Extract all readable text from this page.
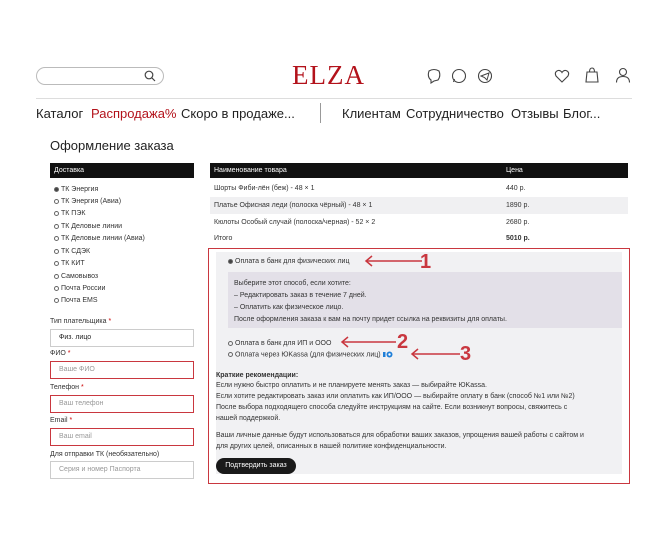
ELZA
Каталог Распродажа% Скоро в продаже...	Клиентам Сотрудничество Отзывы Блог...
Оформление заказа
Доставка
ТК Энергия
ТК Энергия (Авиа)
ТК ПЭК
ТК Деловые линии
ТК Деловые линии (Авиа)
ТК СДЭК
ТК КИТ
Самовывоз
Почта России
Почта EMS
Тип плательщика *
Физ. лицо
ФИО *
Ваше ФИО
Телефон *
Ваш телефон
Email *
Ваш email
Для отправки ТК (необязательно)
Серия и номер Паспорта
Наименование товара	Цена
Шорты Фиби-лён (беж) - 48 × 1	440 р.
Платье Офисная леди (полоска чёрный) - 48 × 1	1890 р.
Кюлоты Особый случай (полоска/черная) - 52 × 2	2680 р.
Итого	5010 р.
Оплата в банк для физических лиц
Выберите этот способ, если хотите:
– Редактировать заказ в течение 7 дней.
– Оплатить как физическое лицо.
После оформления заказа к вам на почту придет ссылка на реквизиты для оплаты.
Оплата в банк для ИП и ООО
Оплата через ЮKassa (для физических лиц)
Краткие рекомендации:
Если нужно быстро оплатить и не планируете менять заказ — выбирайте ЮKassa.
Если хотите редактировать заказ или оплатить как ИП/ООО — выбирайте оплату в банк (способ №1 или №2)
После выбора подходящего способа следуйте инструкциям на сайте. Если возникнут вопросы, свяжитесь с
нашей поддержкой.
Ваши личные данные будут использоваться для обработки ваших заказов, упрощения вашей работы с сайтом и
для других целей, описанных в нашей политике конфиденциальности.
Подтвердить заказ
1
2
3
